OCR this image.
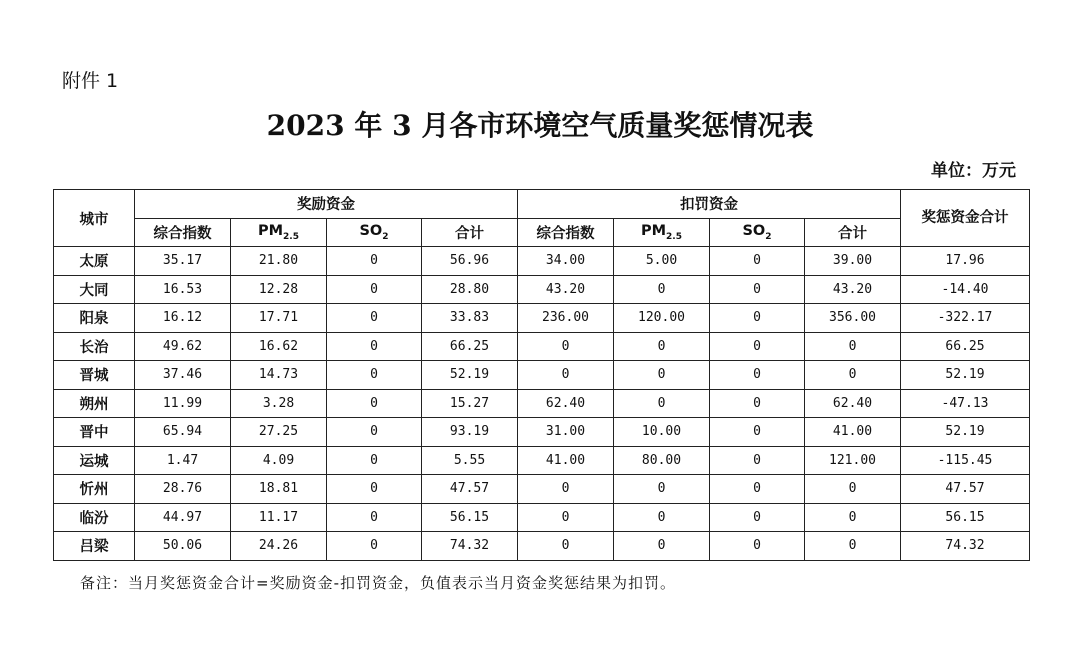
附件 1
2023 年 3 月各市环境空气质量奖惩情况表
单位：万元
城市	奖励资金				扣罚资金				奖惩资金合计
	综合指数	$PM_{2.5}$	$SO_2$	合计	综合指数	$PM_{2.5}$	$SO_2$	合计	
太原	35.17	21.80	0	56.96	34.00	5.00	0	39.00	17.96
大同	16.53	12.28	0	28.80	43.20	0	0	43.20	-14.40
阳泉	16.12	17.71	0	33.83	236.00	120.00	0	356.00	-322.17
长治	49.62	16.62	0	66.25	0	0	0	0	66.25
晋城	37.46	14.73	0	52.19	0	0	0	0	52.19
朔州	11.99	3.28	0	15.27	62.40	0	0	62.40	-47.13
晋中	65.94	27.25	0	93.19	31.00	10.00	0	41.00	52.19
运城	1.47	4.09	0	5.55	41.00	80.00	0	121.00	-115.45
忻州	28.76	18.81	0	47.57	0	0	0	0	47.57
临汾	44.97	11.17	0	56.15	0	0	0	0	56.15
吕梁	50.06	24.26	0	74.32	0	0	0	0	74.32
备注：当月奖惩资金合计=奖励资金-扣罚资金，负值表示当月资金奖惩结果为扣罚。
